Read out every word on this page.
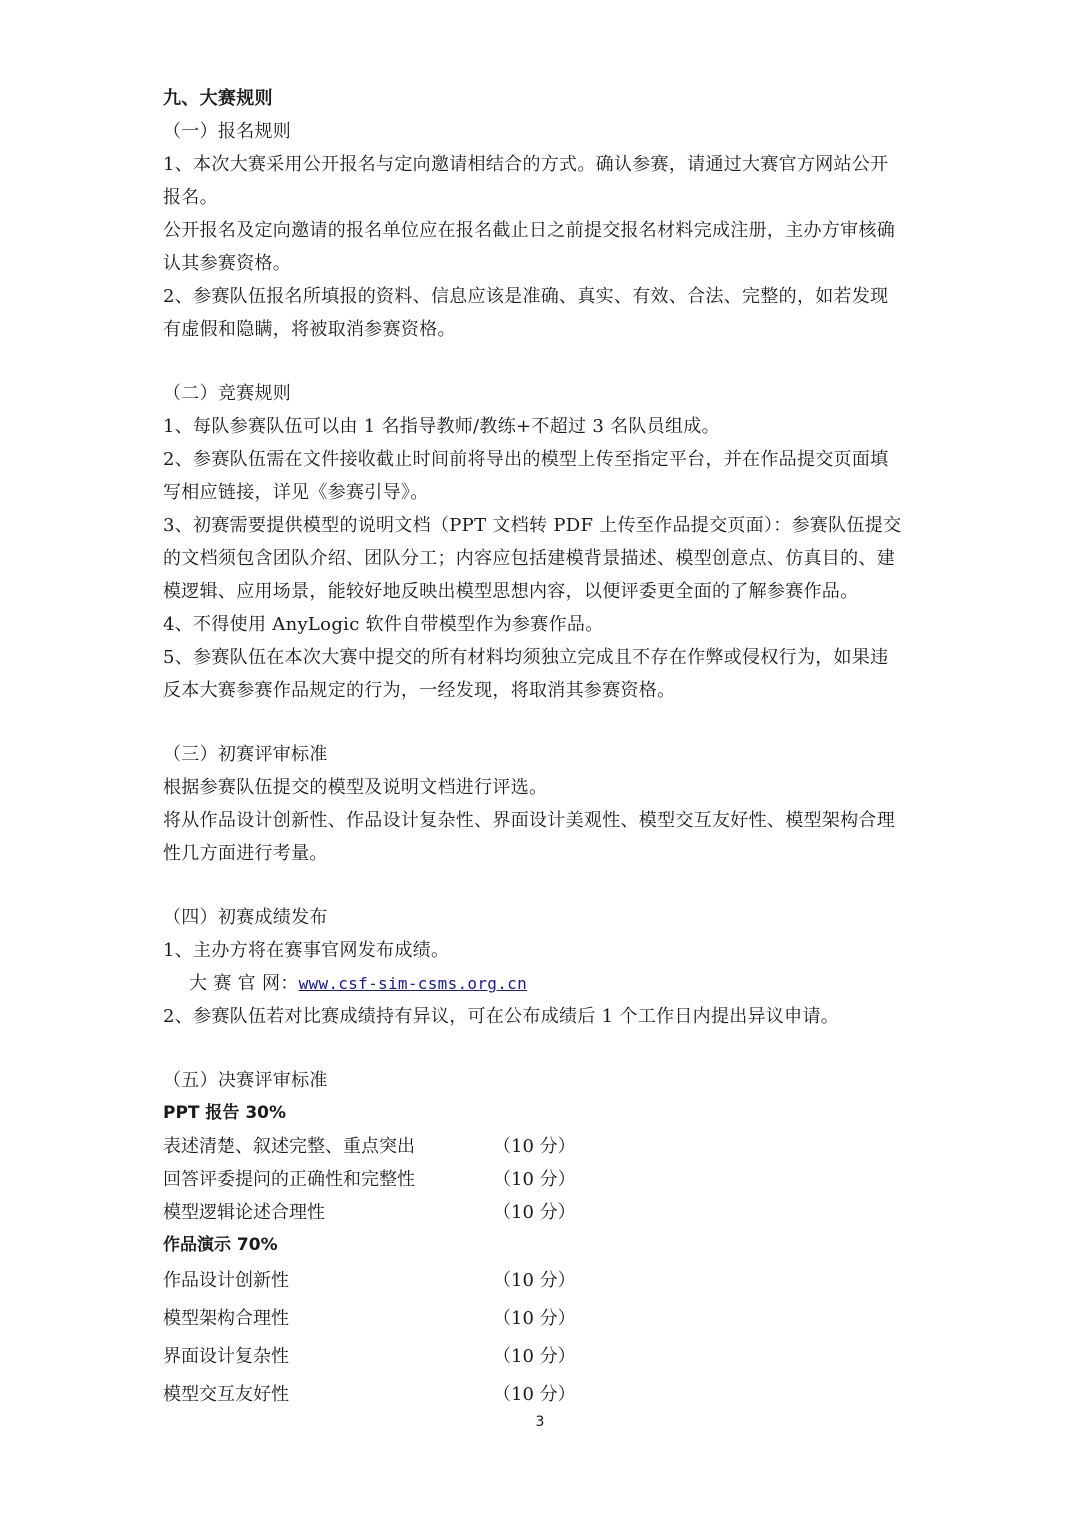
九、大赛规则
（一）报名规则
1、本次大赛采用公开报名与定向邀请相结合的方式。确认参赛，请通过大赛官方网站公开
报名。
公开报名及定向邀请的报名单位应在报名截止日之前提交报名材料完成注册，主办方审核确
认其参赛资格。
2、参赛队伍报名所填报的资料、信息应该是准确、真实、有效、合法、完整的，如若发现
有虚假和隐瞒，将被取消参赛资格。
（二）竞赛规则
1、每队参赛队伍可以由 1 名指导教师/教练+不超过 3 名队员组成。
2、参赛队伍需在文件接收截止时间前将导出的模型上传至指定平台，并在作品提交页面填
写相应链接，详见《参赛引导》。
3、初赛需要提供模型的说明文档（PPT 文档转 PDF 上传至作品提交页面）：参赛队伍提交
的文档须包含团队介绍、团队分工；内容应包括建模背景描述、模型创意点、仿真目的、建
模逻辑、应用场景，能较好地反映出模型思想内容，以便评委更全面的了解参赛作品。
4、不得使用 AnyLogic 软件自带模型作为参赛作品。
5、参赛队伍在本次大赛中提交的所有材料均须独立完成且不存在作弊或侵权行为，如果违
反本大赛参赛作品规定的行为，一经发现，将取消其参赛资格。
（三）初赛评审标准
根据参赛队伍提交的模型及说明文档进行评选。
将从作品设计创新性、作品设计复杂性、界面设计美观性、模型交互友好性、模型架构合理
性几方面进行考量。
（四）初赛成绩发布
1、主办方将在赛事官网发布成绩。
大 赛 官 网：www.csf-sim-csms.org.cn
2、参赛队伍若对比赛成绩持有异议，可在公布成绩后 1 个工作日内提出异议申请。
（五）决赛评审标准
PPT 报告 30%
表述清楚、叙述完整、重点突出	（10 分）
回答评委提问的正确性和完整性	（10 分）
模型逻辑论述合理性	（10 分）
作品演示 70%
作品设计创新性	（10 分）
模型架构合理性	（10 分）
界面设计复杂性	（10 分）
模型交互友好性	（10 分）
3
